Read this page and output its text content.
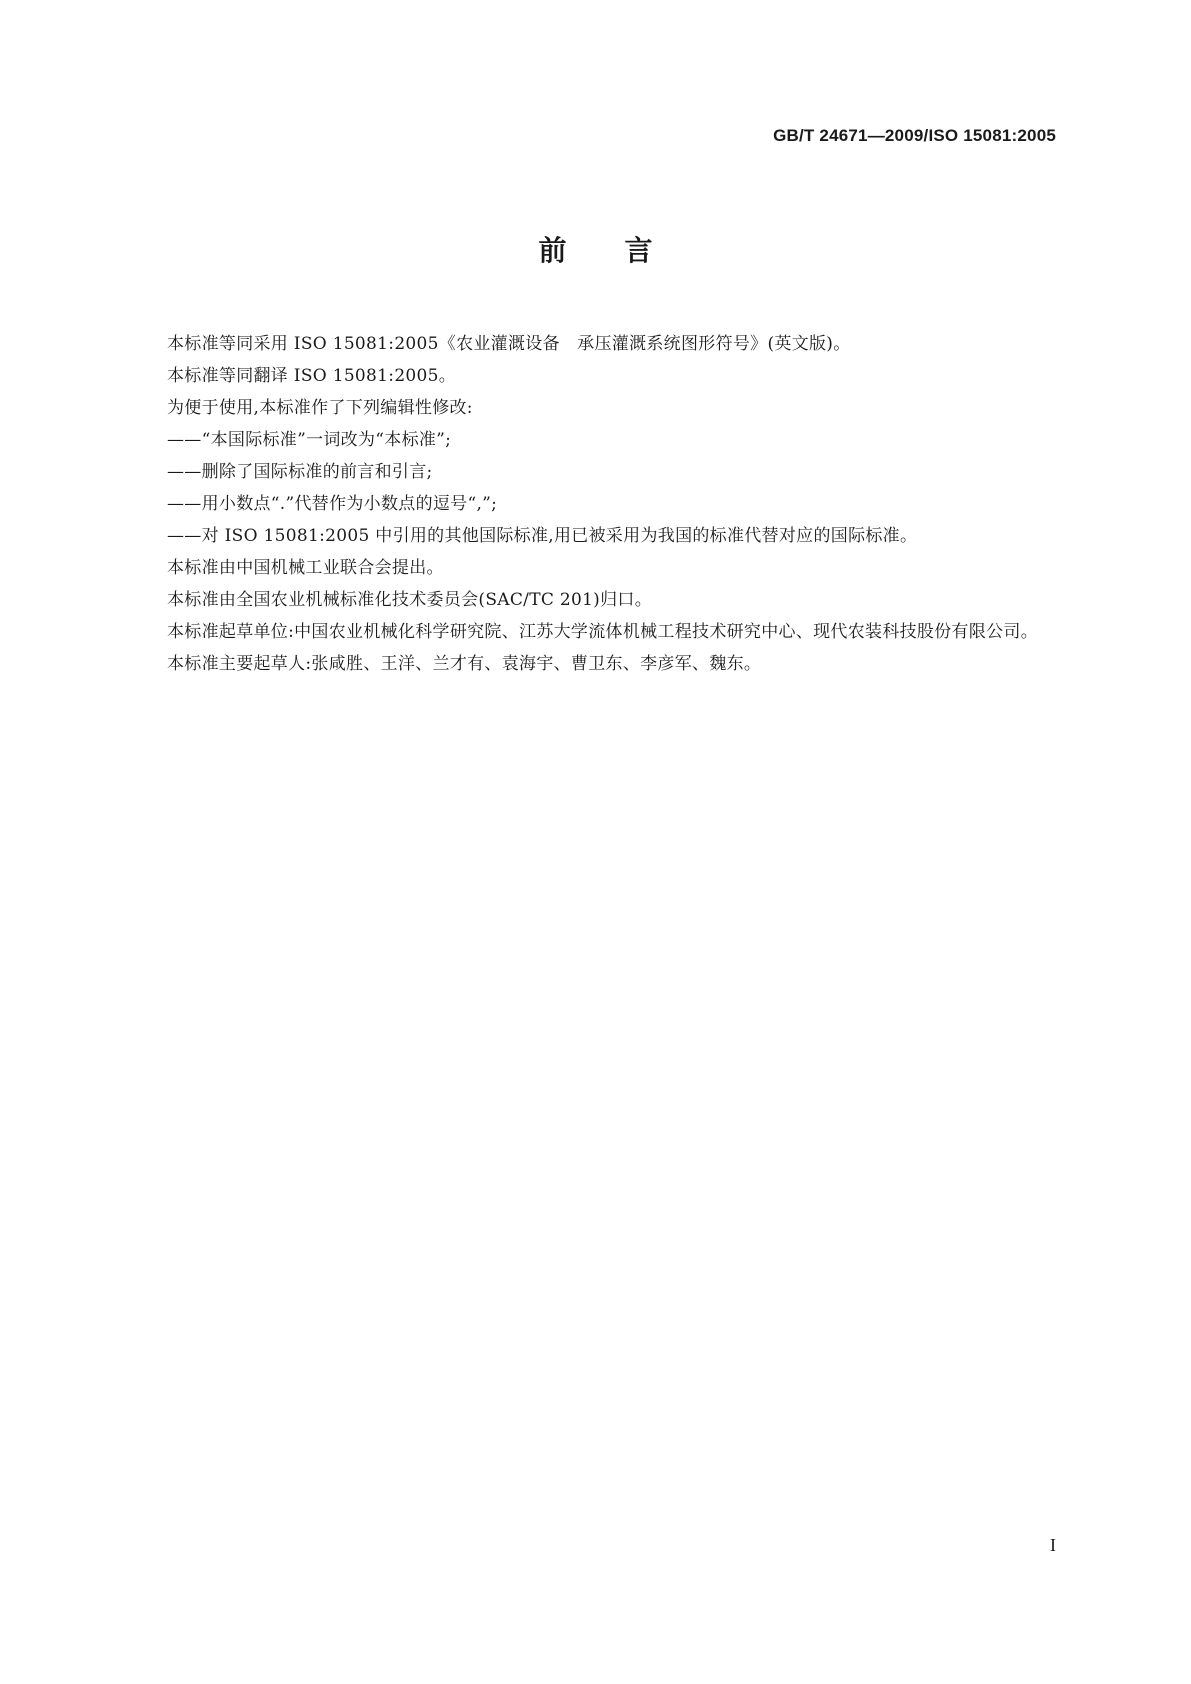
GB/T 24671—2009/ISO 15081:2005
前言

本标准等同采用 ISO 15081:2005《农业灌溉设备　承压灌溉系统图形符号》(英文版)。

本标准等同翻译 ISO 15081:2005。

为便于使用,本标准作了下列编辑性修改:

——“本国际标准”一词改为“本标准”;

——删除了国际标准的前言和引言;

——用小数点“.”代替作为小数点的逗号“,”;

——对 ISO 15081:2005 中引用的其他国际标准,用已被采用为我国的标准代替对应的国际标准。

本标准由中国机械工业联合会提出。

本标准由全国农业机械标准化技术委员会(SAC/TC 201)归口。

本标准起草单位:中国农业机械化科学研究院、江苏大学流体机械工程技术研究中心、现代农装科技股份有限公司。

本标准主要起草人:张咸胜、王洋、兰才有、袁海宇、曹卫东、李彦军、魏东。

I
